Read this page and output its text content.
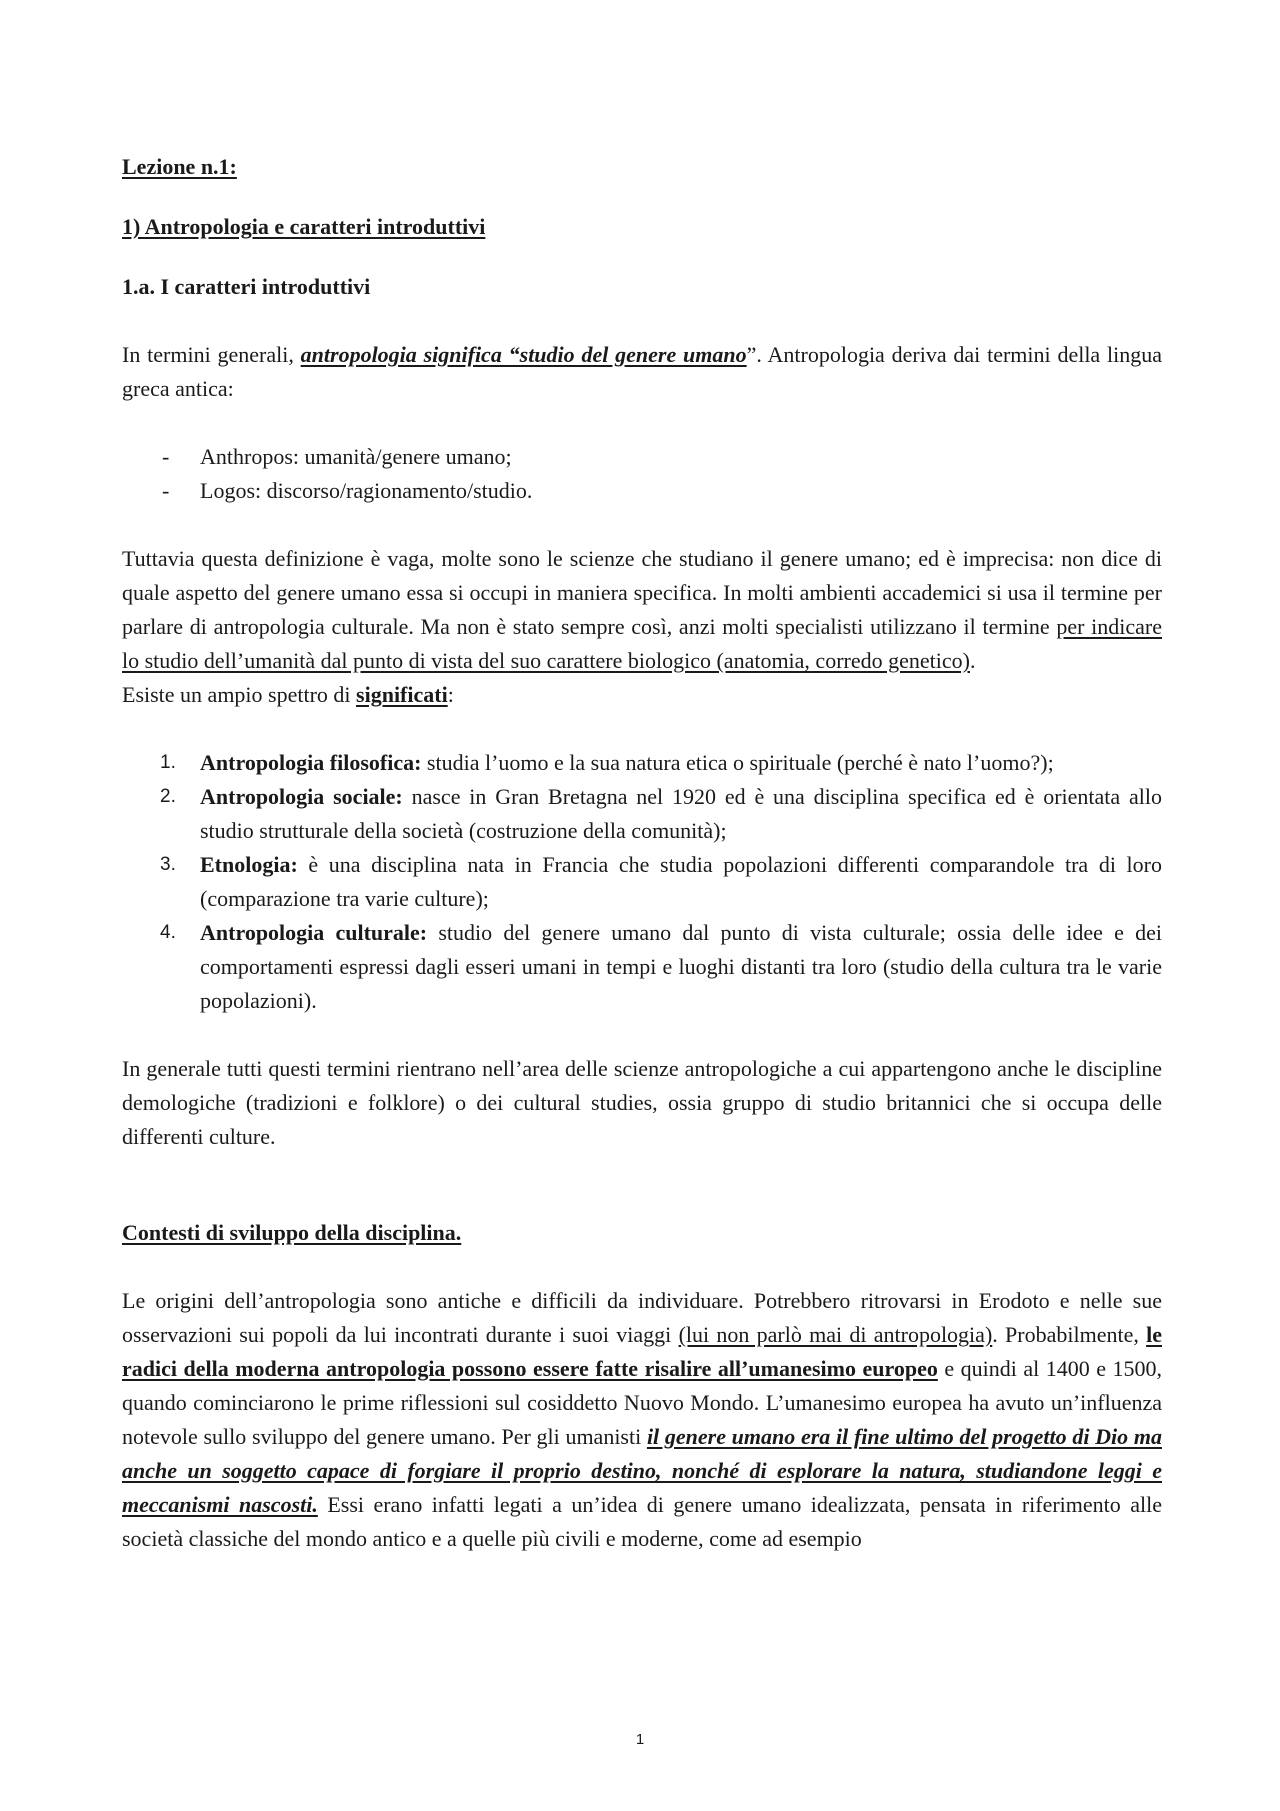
Lezione n.1:
1) Antropologia e caratteri introduttivi
1.a. I caratteri introduttivi

In termini generali, antropologia significa “studio del genere umano”. Antropologia deriva dai termini della lingua greca antica:

- Anthropos: umanità/genere umano;
- Logos: discorso/ragionamento/studio.

Tuttavia questa definizione è vaga, molte sono le scienze che studiano il genere umano; ed è imprecisa: non dice di quale aspetto del genere umano essa si occupi in maniera specifica. In molti ambienti accademici si usa il termine per parlare di antropologia culturale. Ma non è stato sempre così, anzi molti specialisti utilizzano il termine per indicare lo studio dell’umanità dal punto di vista del suo carattere biologico (anatomia, corredo genetico).

Esiste un ampio spettro di significati:

1. Antropologia filosofica: studia l’uomo e la sua natura etica o spirituale (perché è nato l’uomo?);
2. Antropologia sociale: nasce in Gran Bretagna nel 1920 ed è una disciplina specifica ed è orientata allo studio strutturale della società (costruzione della comunità);
3. Etnologia: è una disciplina nata in Francia che studia popolazioni differenti comparandole tra di loro (comparazione tra varie culture);
4. Antropologia culturale: studio del genere umano dal punto di vista culturale; ossia delle idee e dei comportamenti espressi dagli esseri umani in tempi e luoghi distanti tra loro (studio della cultura tra le varie popolazioni).

In generale tutti questi termini rientrano nell’area delle scienze antropologiche a cui appartengono anche le discipline demologiche (tradizioni e folklore) o dei cultural studies, ossia gruppo di studio britannici che si occupa delle differenti culture.

Contesti di sviluppo della disciplina.

Le origini dell’antropologia sono antiche e difficili da individuare. Potrebbero ritrovarsi in Erodoto e nelle sue osservazioni sui popoli da lui incontrati durante i suoi viaggi (lui non parlò mai di antropologia). Probabilmente, le radici della moderna antropologia possono essere fatte risalire all’umanesimo europeo e quindi al 1400 e 1500, quando cominciarono le prime riflessioni sul cosiddetto Nuovo Mondo. L’umanesimo europea ha avuto un’influenza notevole sullo sviluppo del genere umano. Per gli umanisti il genere umano era il fine ultimo del progetto di Dio ma anche un soggetto capace di forgiare il proprio destino, nonché di esplorare la natura, studiandone leggi e meccanismi nascosti. Essi erano infatti legati a un’idea di genere umano idealizzata, pensata in riferimento alle società classiche del mondo antico e a quelle più civili e moderne, come ad esempio

1
